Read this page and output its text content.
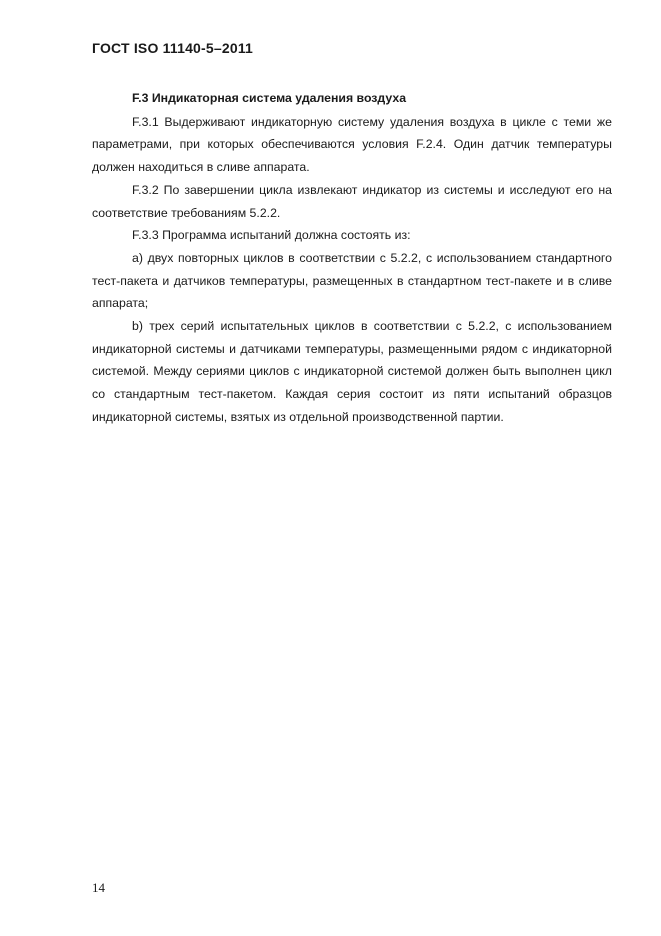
ГОСТ ISO 11140-5–2011

F.3 Индикаторная система удаления воздуха

F.3.1 Выдерживают индикаторную систему удаления воздуха в цикле с теми же параметрами, при которых обеспечиваются условия F.2.4. Один датчик температуры должен находиться в сливе аппарата.

F.3.2 По завершении цикла извлекают индикатор из системы и исследуют его на соответствие требованиям 5.2.2.

F.3.3 Программа испытаний должна состоять из:

a) двух повторных циклов в соответствии с 5.2.2, с использованием стандартного тест-пакета и датчиков температуры, размещенных в стандартном тест-пакете и в сливе аппарата;

b) трех серий испытательных циклов в соответствии с 5.2.2, с использованием индикаторной системы и датчиками температуры, размещенными рядом с индикаторной системой. Между сериями циклов с индикаторной системой должен быть выполнен цикл со стандартным тест-пакетом. Каждая серия состоит из пяти испытаний образцов индикаторной системы, взятых из отдельной производственной партии.

14
